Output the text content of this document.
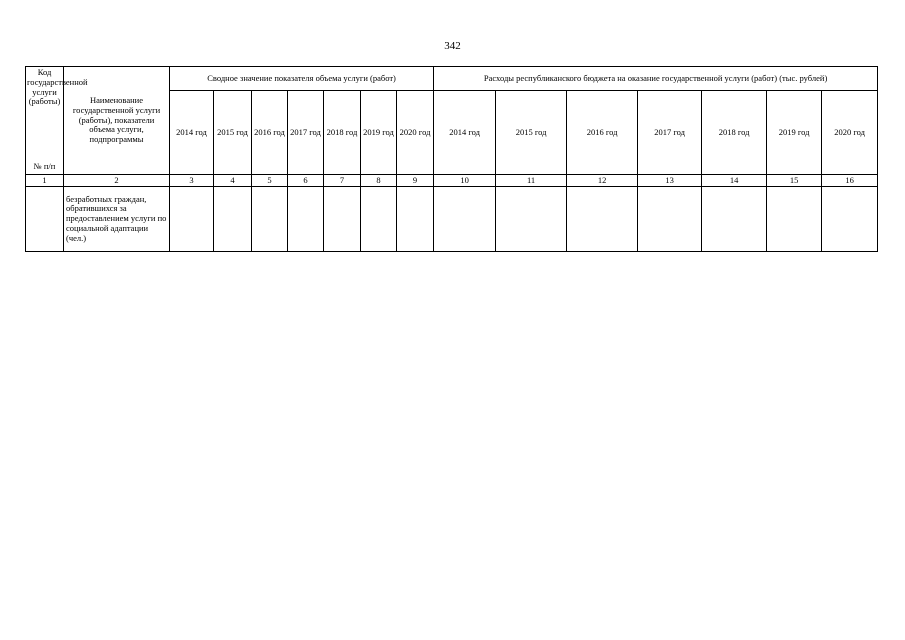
342
Код государственной услуги (работы)
№ п/п	Наименование государственной услуги (работы), показатели объема услуги, подпрограммы	Сводное значение показателя объема услуги (работ)							Расходы республиканского бюджета на оказание государственной услуги (работ) (тыс. рублей)						
		2014 год	2015 год	2016 год	2017 год	2018 год	2019 год	2020 год	2014 год	2015 год	2016 год	2017 год	2018 год	2019 год	2020 год
1	2	3	4	5	6	7	8	9	10	11	12	13	14	15	16
	безработных граждан, обратившихся за предоставлением услуги по социальной адаптации (чел.)														
